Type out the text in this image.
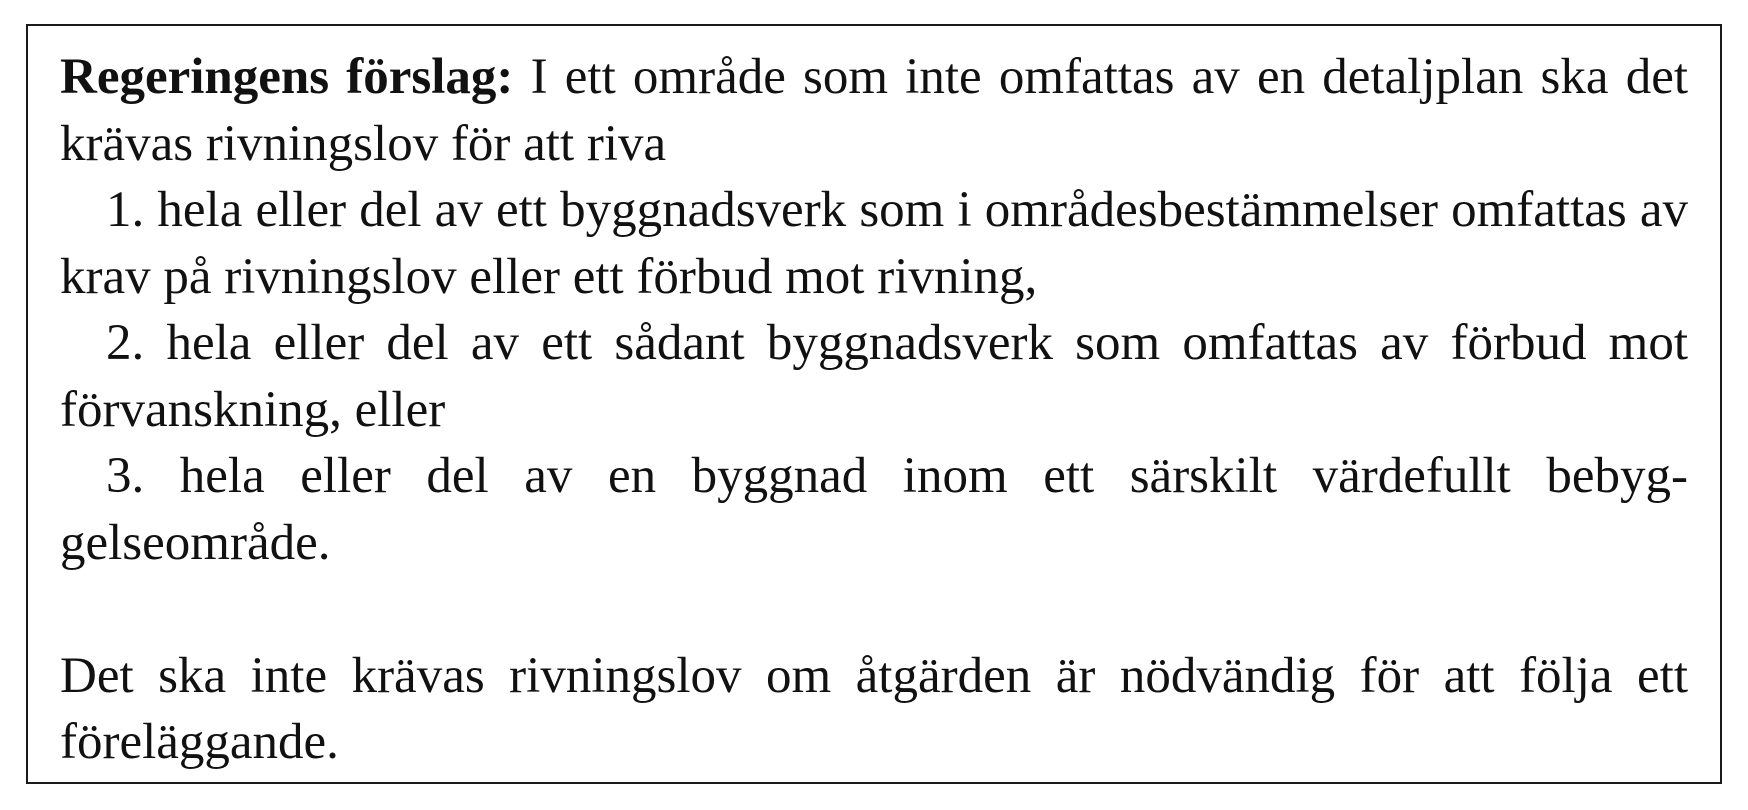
Regeringens förslag: I ett område som inte omfattas av en detaljplan ska det krävas rivningslov för att riva

1. hela eller del av ett byggnadsverk som i områdesbestämmelser omfattas av krav på rivningslov eller ett förbud mot rivning,

2. hela eller del av ett sådant byggnadsverk som omfattas av förbud mot förvanskning, eller

3. hela eller del av en byggnad inom ett särskilt värdefullt bebyggelseområde.

Det ska inte krävas rivningslov om åtgärden är nödvändig för att följa ett föreläggande.
